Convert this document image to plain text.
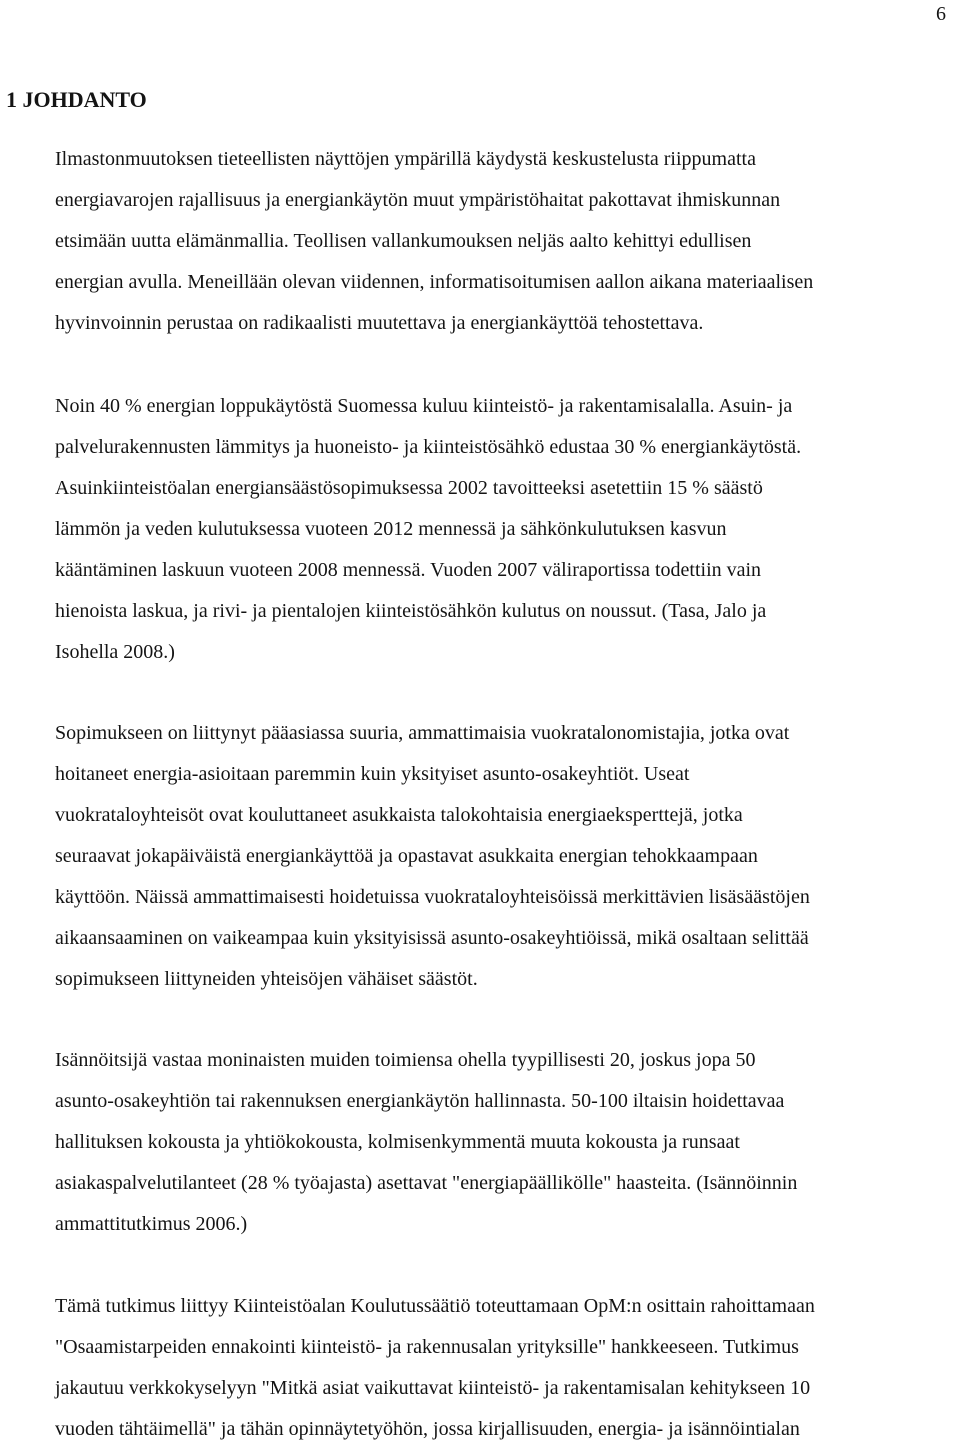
6
1 JOHDANTO
Ilmastonmuutoksen tieteellisten näyttöjen ympärillä käydystä keskustelusta riippumatta
energiavarojen rajallisuus ja energiankäytön muut ympäristöhaitat pakottavat ihmiskunnan
etsimään uutta elämänmallia. Teollisen vallankumouksen neljäs aalto kehittyi edullisen
energian avulla. Meneillään olevan viidennen, informatisoitumisen aallon aikana materiaalisen
hyvinvoinnin perustaa on radikaalisti muutettava ja energiankäyttöä tehostettava.
Noin 40 % energian loppukäytöstä Suomessa kuluu kiinteistö- ja rakentamisalalla. Asuin- ja
palvelurakennusten lämmitys ja huoneisto- ja kiinteistösähkö edustaa 30 % energiankäytöstä.
Asuinkiinteistöalan energiansäästösopimuksessa 2002 tavoitteeksi asetettiin 15 % säästö
lämmön ja veden kulutuksessa vuoteen 2012 mennessä ja sähkönkulutuksen kasvun
kääntäminen laskuun vuoteen 2008 mennessä. Vuoden 2007 väliraportissa todettiin vain
hienoista laskua, ja rivi- ja pientalojen kiinteistösähkön kulutus on noussut. (Tasa, Jalo ja
Isohella 2008.)
Sopimukseen on liittynyt pääasiassa suuria, ammattimaisia vuokratalonomistajia, jotka ovat
hoitaneet energia-asioitaan paremmin kuin yksityiset asunto-osakeyhtiöt. Useat
vuokrataloyhteisöt ovat kouluttaneet asukkaista talokohtaisia energiaeksperttejä, jotka
seuraavat jokapäiväistä energiankäyttöä ja opastavat asukkaita energian tehokkaampaan
käyttöön. Näissä ammattimaisesti hoidetuissa vuokrataloyhteisöissä merkittävien lisäsäästöjen
aikaansaaminen on vaikeampaa kuin yksityisissä asunto-osakeyhtiöissä, mikä osaltaan selittää
sopimukseen liittyneiden yhteisöjen vähäiset säästöt.
Isännöitsijä vastaa moninaisten muiden toimiensa ohella tyypillisesti 20, joskus jopa 50
asunto-osakeyhtiön tai rakennuksen energiankäytön hallinnasta. 50-100 iltaisin hoidettavaa
hallituksen kokousta ja yhtiökokousta, kolmisenkymmentä muuta kokousta ja runsaat
asiakaspalvelutilanteet (28 % työajasta) asettavat "energiapäällikölle" haasteita. (Isännöinnin
ammattitutkimus 2006.)
Tämä tutkimus liittyy Kiinteistöalan Koulutussäätiö toteuttamaan OpM:n osittain rahoittamaan
"Osaamistarpeiden ennakointi kiinteistö- ja rakennusalan yrityksille" hankkeeseen. Tutkimus
jakautuu verkkokyselyyn "Mitkä asiat vaikuttavat kiinteistö- ja rakentamisalan kehitykseen 10
vuoden tähtäimellä" ja tähän opinnäytetyöhön, jossa kirjallisuuden, energia- ja isännöintialan
